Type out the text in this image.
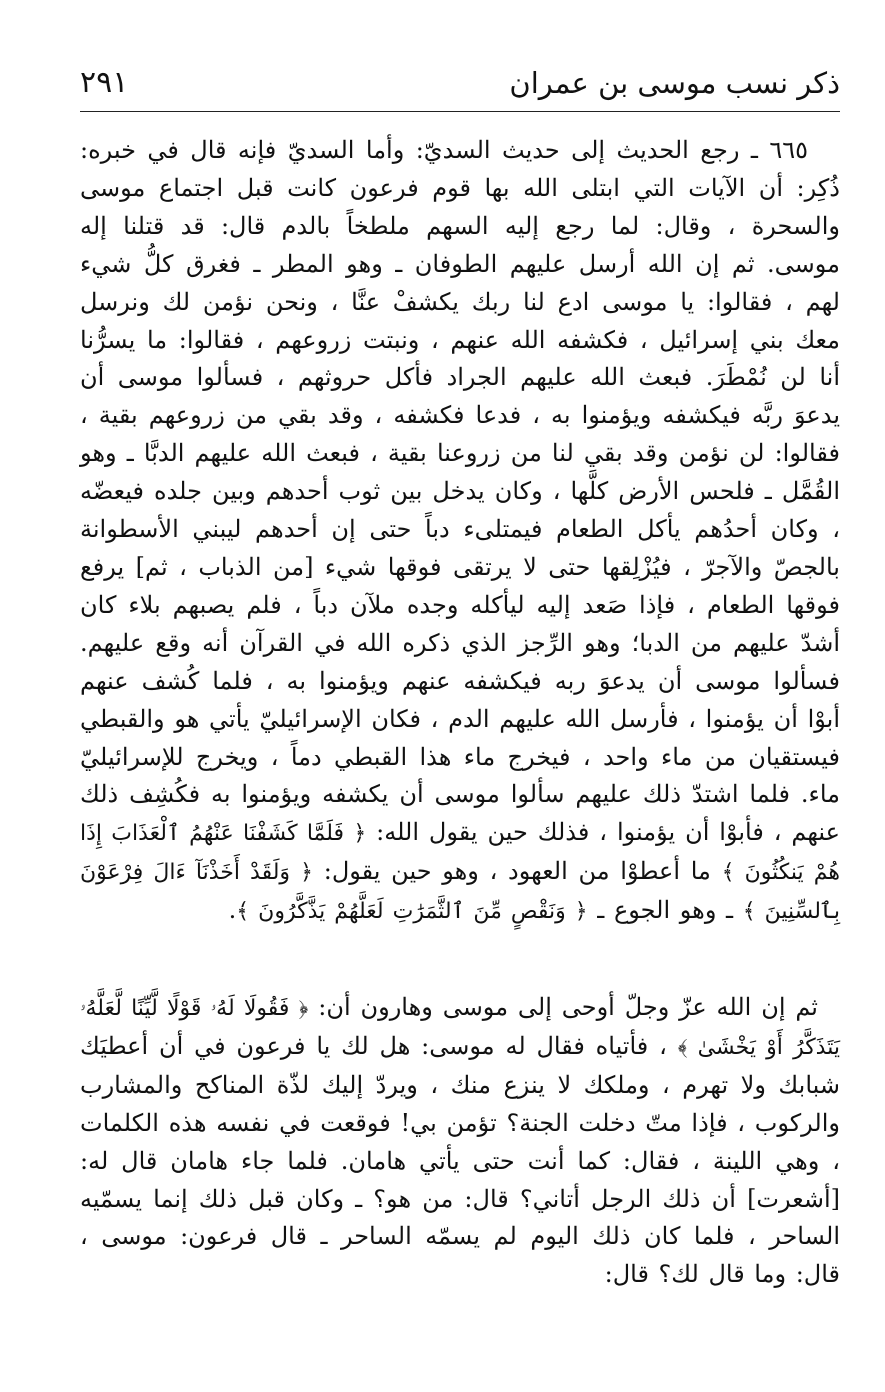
ذكر نسب موسى بن عمران
٢٩١

٦٦٥ ـ رجع الحديث إلى حديث السديّ: وأما السديّ فإنه قال في خبره: ذُكِر: أن الآيات التي ابتلى الله بها قوم فرعون كانت قبل اجتماع موسى والسحرة ، وقال: لما رجع إليه السهم ملطخاً بالدم قال: قد قتلنا إله موسى. ثم إن الله أرسل عليهم الطوفان ـ وهو المطر ـ فغرق كلُّ شيء لهم ، فقالوا: يا موسى ادع لنا ربك يكشفْ عنَّا ، ونحن نؤمن لك ونرسل معك بني إسرائيل ، فكشفه الله عنهم ، ونبتت زروعهم ، فقالوا: ما يسرُّنا أنا لن نُمْطَرَ. فبعث الله عليهم الجراد فأكل حروثهم ، فسألوا موسى أن يدعوَ ربَّه فيكشفه ويؤمنوا به ، فدعا فكشفه ، وقد بقي من زروعهم بقية ، فقالوا: لن نؤمن وقد بقي لنا من زروعنا بقية ، فبعث الله عليهم الدبَّا ـ وهو القُمَّل ـ فلحس الأرض كلَّها ، وكان يدخل بين ثوب أحدهم وبين جلده فيعضّه ، وكان أحدُهم يأكل الطعام فيمتلىء دباً حتى إن أحدهم ليبني الأسطوانة بالجصّ والآجرّ ، فيُزْلِقها حتى لا يرتقى فوقها شيء [من الذباب ، ثم] يرفع فوقها الطعام ، فإذا صَعد إليه ليأكله وجده ملآن دباً ، فلم يصبهم بلاء كان أشدّ عليهم من الدبا؛ وهو الرِّجز الذي ذكره الله في القرآن أنه وقع عليهم. فسألوا موسى أن يدعوَ ربه فيكشفه عنهم ويؤمنوا به ، فلما كُشف عنهم أبوْا أن يؤمنوا ، فأرسل الله عليهم الدم ، فكان الإسرائيليّ يأتي هو والقبطي فيستقيان من ماء واحد ، فيخرج ماء هذا القبطي دماً ، ويخرج للإسرائيليّ ماء. فلما اشتدّ ذلك عليهم سألوا موسى أن يكشفه ويؤمنوا به فكُشِف ذلك عنهم ، فأبوْا أن يؤمنوا ، فذلك حين يقول الله: ﴿ فَلَمَّا كَشَفْنَا عَنْهُمُ ٱلْعَذَابَ إِذَا هُمْ يَنكُثُونَ ﴾ ما أعطوْا من العهود ، وهو حين يقول: ﴿ وَلَقَدْ أَخَذْنَآ ءَالَ فِرْعَوْنَ بِٱلسِّنِينَ ﴾ ـ وهو الجوع ـ ﴿ وَنَقْصٍ مِّنَ ٱلثَّمَرَٰتِ لَعَلَّهُمْ يَذَّكَّرُونَ ﴾.

ثم إن الله عزّ وجلّ أوحى إلى موسى وهارون أن: ﴿ فَقُولَا لَهُۥ قَوْلًا لَّيِّنًا لَّعَلَّهُۥ يَتَذَكَّرُ أَوْ يَخْشَىٰ ﴾ ، فأتياه فقال له موسى: هل لك يا فرعون في أن أعطيَك شبابك ولا تهرم ، وملكك لا ينزع منك ، ويردّ إليك لذّة المناكح والمشارب والركوب ، فإذا متّ دخلت الجنة؟ تؤمن بي! فوقعت في نفسه هذه الكلمات ، وهي اللينة ، فقال: كما أنت حتى يأتي هامان. فلما جاء هامان قال له: [أشعرت] أن ذلك الرجل أتاني؟ قال: من هو؟ ـ وكان قبل ذلك إنما يسمّيه الساحر ، فلما كان ذلك اليوم لم يسمّه الساحر ـ قال فرعون: موسى ، قال: وما قال لك؟ قال:
